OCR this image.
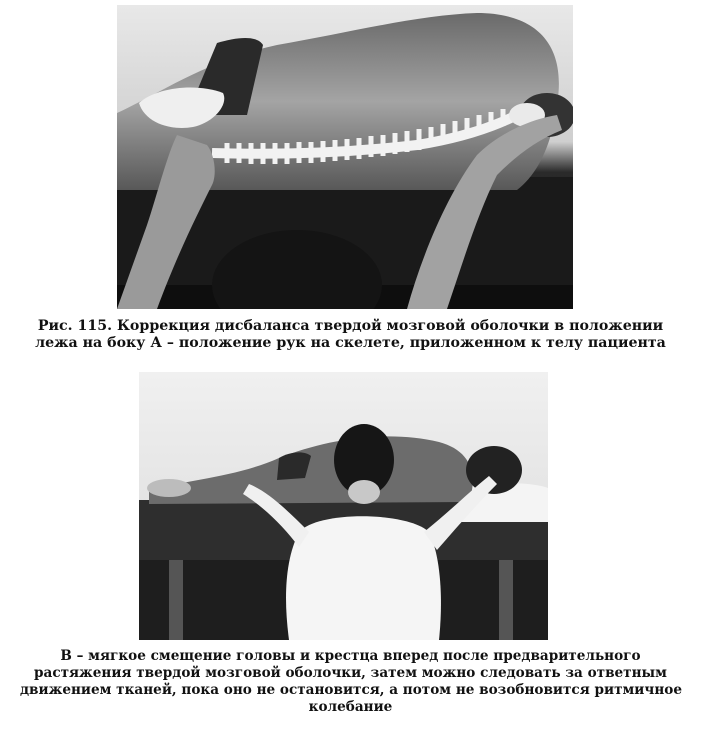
Рис. 115. Коррекция дисбаланса твердой мозговой оболочки в положении
лежа на боку А – положение рук на скелете, приложенном к телу пациента
В – мягкое смещение головы и крестца вперед после предварительного
растяжения твердой мозговой оболочки, затем можно следовать за ответным
движением тканей, пока оно не остановится, а потом не возобновится ритмичное
колебание
